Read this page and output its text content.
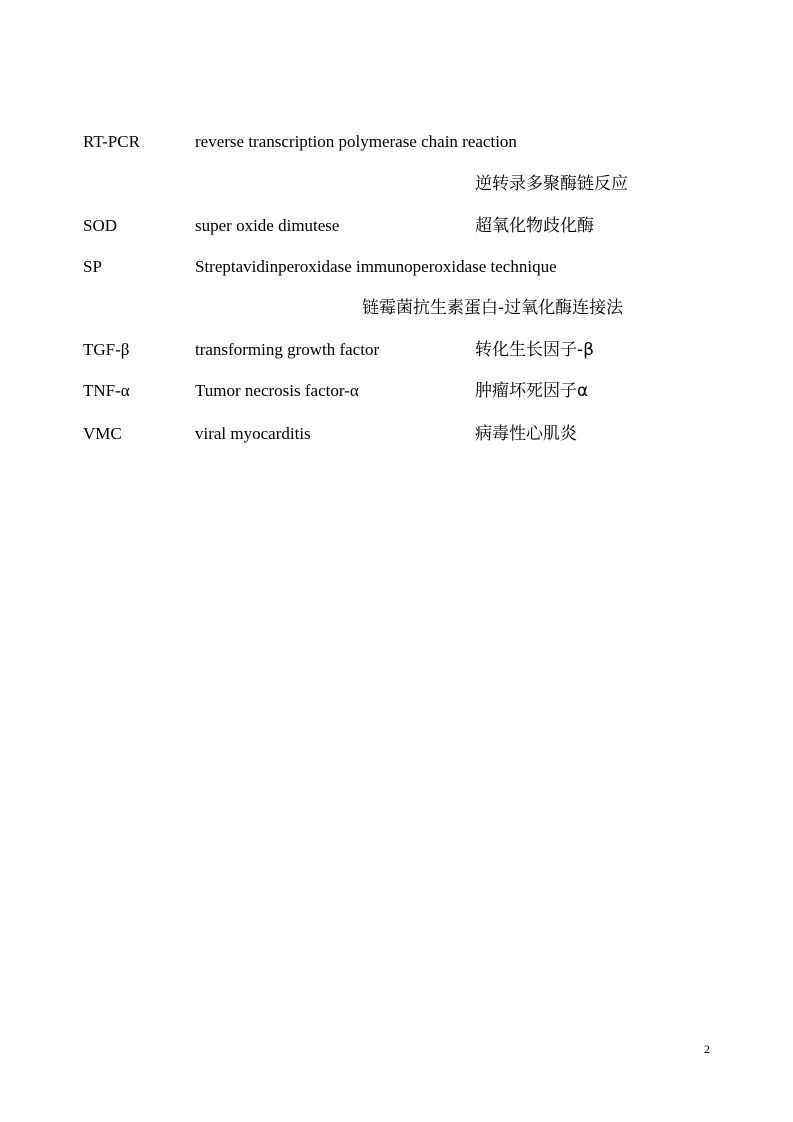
RT-PCR	reverse transcription polymerase chain reaction
逆转录多聚酶链反应
SOD	super oxide dimutese	超氧化物歧化酶
SP	Streptavidinperoxidase immunoperoxidase technique
链霉菌抗生素蛋白-过氧化酶连接法
TGF-β	transforming growth factor	转化生长因子-β
TNF-α	Tumor necrosis factor-α	肿瘤坏死因子α
VMC	viral myocarditis	病毒性心肌炎
2
